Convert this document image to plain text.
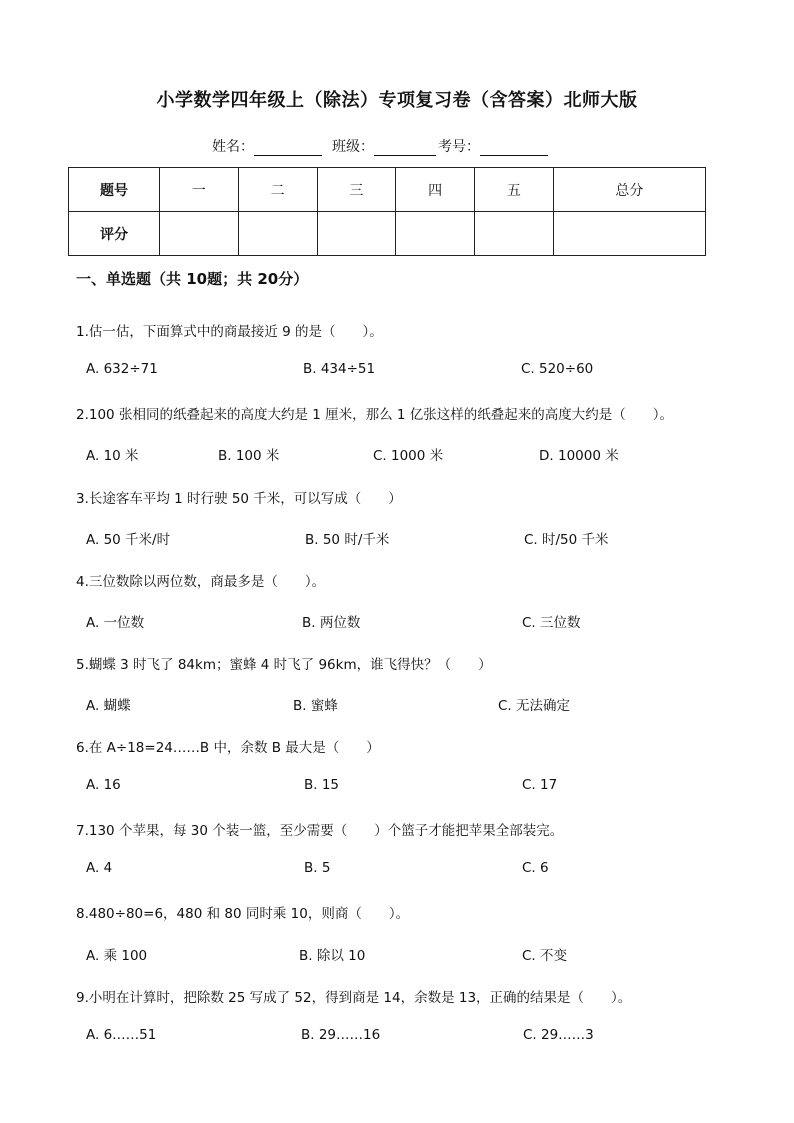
小学数学四年级上（除法）专项复习卷（含答案）北师大版
姓名：	班级：	考号：
题号	一	二	三	四	五	总分
评分						
一、单选题（共 10题；共 20分）
1.估一估，下面算式中的商最接近 9 的是（　　）。
A. 632÷71	B. 434÷51	C. 520÷60
2.100 张相同的纸叠起来的高度大约是 1 厘米，那么 1 亿张这样的纸叠起来的高度大约是（　　）。
A. 10 米	B. 100 米	C. 1000 米	D. 10000 米
3.长途客车平均 1 时行驶 50 千米，可以写成（　　）
A. 50 千米/时	B. 50 时/千米	C. 时/50 千米
4.三位数除以两位数，商最多是（　　）。
A. 一位数	B. 两位数	C. 三位数
5.蝴蝶 3 时飞了 84km；蜜蜂 4 时飞了 96km，谁飞得快？（　　）
A. 蝴蝶	B. 蜜蜂	C. 无法确定
6.在 A÷18=24……B 中，余数 B 最大是（　　）
A. 16	B. 15	C. 17
7.130 个苹果，每 30 个装一篮，至少需要（　　）个篮子才能把苹果全部装完。
A. 4	B. 5	C. 6
8.480÷80=6，480 和 80 同时乘 10，则商（　　）。
A. 乘 100	B. 除以 10	C. 不变
9.小明在计算时，把除数 25 写成了 52，得到商是 14，余数是 13，正确的结果是（　　）。
A. 6……51	B. 29……16	C. 29……3
